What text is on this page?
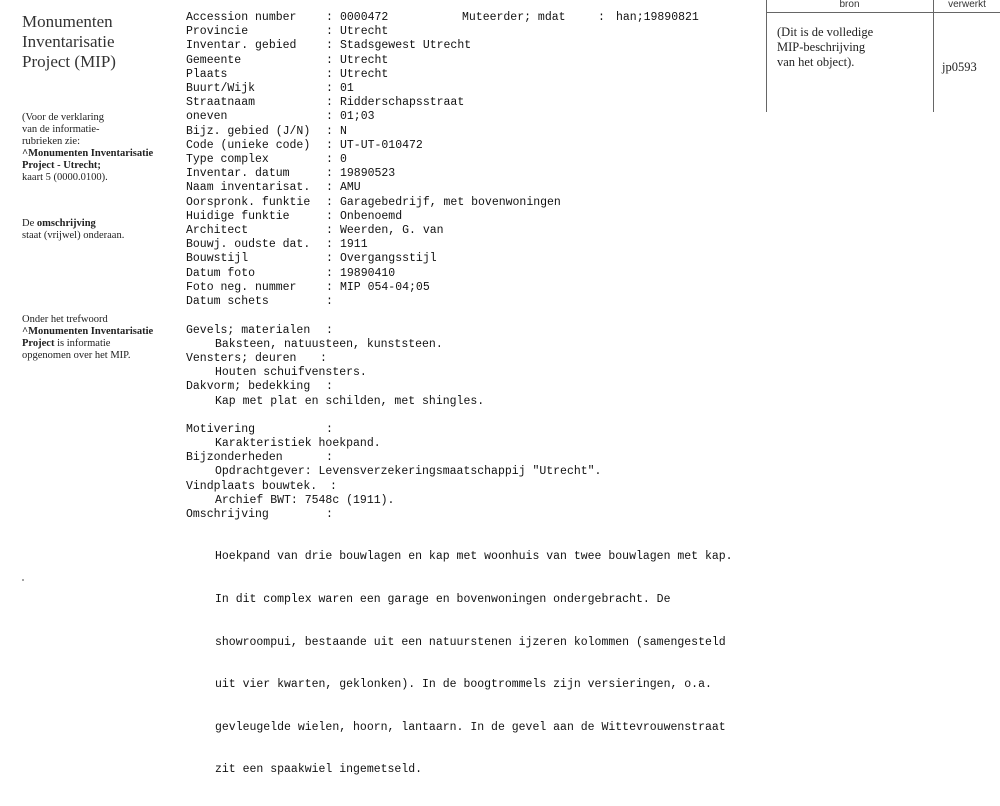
Monumenten
Inventarisatie
Project (MIP)
(Voor de verklaring
van de informatie-
rubrieken zie:
^Monumenten Inventarisatie
Project - Utrecht;
kaart 5 (0000.0100).
De omschrijving
staat (vrijwel) onderaan.
Onder het trefwoord
^Monumenten Inventarisatie
Project is informatie
opgenomen over het MIP.
Accession number	: 0000472
Provincie	: Utrecht
Inventar. gebied	: Stadsgewest Utrecht
Gemeente	: Utrecht
Plaats	: Utrecht
Buurt/Wijk	: 01
Straatnaam	: Ridderschapsstraat
oneven	: 01;03
Bijz. gebied (J/N) : N
Code (unieke code) : UT-UT-010472
Type complex	: 0
Inventar. datum	: 19890523
Naam inventarisat. : AMU
Oorspronk. funktie : Garagebedrijf, met bovenwoningen
Huidige funktie	: Onbenoemd
Architect	: Weerden, G. van
Bouwj. oudste dat. : 1911
Bouwstijl	: Overgangsstijl
Datum foto	: 19890410
Foto neg. nummer	: MIP 054-04;05
Datum schets	:
Muteerder; mdat	: han;19890821
Gevels; materialen :
Baksteen, natuusteen, kunststeen.
Vensters; deuren :
Houten schuifvensters.
Dakvorm; bedekking :
Kap met plat en schilden, met shingles.
Motivering	:
Karakteristiek hoekpand.
Bijzonderheden	:
Opdrachtgever: Levensverzekeringsmaatschappij "Utrecht".
Vindplaats bouwtek. :
Archief BWT: 7548c (1911).
Omschrijving	:

Hoekpand van drie bouwlagen en kap met woonhuis van twee bouwlagen met kap.

In dit complex waren een garage en bovenwoningen ondergebracht. De

showroompui, bestaande uit een natuurstenen ijzeren kolommen (samengesteld

uit vier kwarten, geklonken). In de boogtrommels zijn versieringen, o.a.

gevleugelde wielen, hoorn, lantaarn. In de gevel aan de Wittevrouwenstraat

zit een spaakwiel ingemetseld.

bron	verwerkt
(Dit is de volledige
MIP-beschrijving
van het object).	jp0593
